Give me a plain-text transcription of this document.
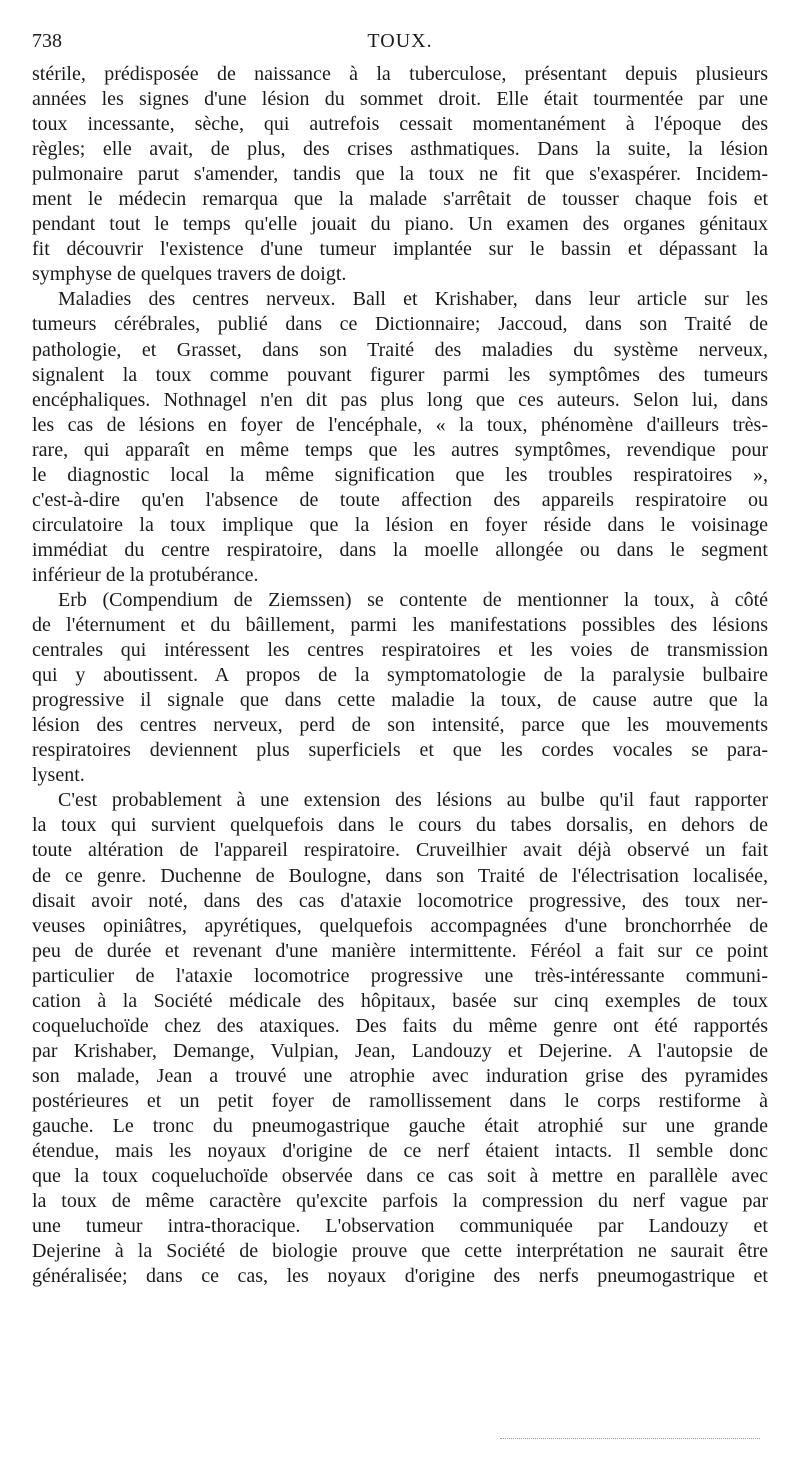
738	TOUX.
stérile, prédisposée de naissance à la tuberculose, présentant depuis plusieurs
années les signes d'une lésion du sommet droit. Elle était tourmentée par une
toux incessante, sèche, qui autrefois cessait momentanément à l'époque des
règles; elle avait, de plus, des crises asthmatiques. Dans la suite, la lésion
pulmonaire parut s'amender, tandis que la toux ne fit que s'exaspérer. Incidem-
ment le médecin remarqua que la malade s'arrêtait de tousser chaque fois et
pendant tout le temps qu'elle jouait du piano. Un examen des organes génitaux
fit découvrir l'existence d'une tumeur implantée sur le bassin et dépassant la
symphyse de quelques travers de doigt.
Maladies des centres nerveux. Ball et Krishaber, dans leur article sur les
tumeurs cérébrales, publié dans ce Dictionnaire; Jaccoud, dans son Traité de
pathologie, et Grasset, dans son Traité des maladies du système nerveux,
signalent la toux comme pouvant figurer parmi les symptômes des tumeurs
encéphaliques. Nothnagel n'en dit pas plus long que ces auteurs. Selon lui, dans
les cas de lésions en foyer de l'encéphale, « la toux, phénomène d'ailleurs très-
rare, qui apparaît en même temps que les autres symptômes, revendique pour
le diagnostic local la même signification que les troubles respiratoires »,
c'est-à-dire qu'en l'absence de toute affection des appareils respiratoire ou
circulatoire la toux implique que la lésion en foyer réside dans le voisinage
immédiat du centre respiratoire, dans la moelle allongée ou dans le segment
inférieur de la protubérance.
Erb (Compendium de Ziemssen) se contente de mentionner la toux, à côté
de l'éternument et du bâillement, parmi les manifestations possibles des lésions
centrales qui intéressent les centres respiratoires et les voies de transmission
qui y aboutissent. A propos de la symptomatologie de la paralysie bulbaire
progressive il signale que dans cette maladie la toux, de cause autre que la
lésion des centres nerveux, perd de son intensité, parce que les mouvements
respiratoires deviennent plus superficiels et que les cordes vocales se para-
lysent.
C'est probablement à une extension des lésions au bulbe qu'il faut rapporter
la toux qui survient quelquefois dans le cours du tabes dorsalis, en dehors de
toute altération de l'appareil respiratoire. Cruveilhier avait déjà observé un fait
de ce genre. Duchenne de Boulogne, dans son Traité de l'électrisation localisée,
disait avoir noté, dans des cas d'ataxie locomotrice progressive, des toux ner-
veuses opiniâtres, apyrétiques, quelquefois accompagnées d'une bronchorrhée de
peu de durée et revenant d'une manière intermittente. Féréol a fait sur ce point
particulier de l'ataxie locomotrice progressive une très-intéressante communi-
cation à la Société médicale des hôpitaux, basée sur cinq exemples de toux
coqueluchoïde chez des ataxiques. Des faits du même genre ont été rapportés
par Krishaber, Demange, Vulpian, Jean, Landouzy et Dejerine. A l'autopsie de
son malade, Jean a trouvé une atrophie avec induration grise des pyramides
postérieures et un petit foyer de ramollissement dans le corps restiforme à
gauche. Le tronc du pneumogastrique gauche était atrophié sur une grande
étendue, mais les noyaux d'origine de ce nerf étaient intacts. Il semble donc
que la toux coqueluchoïde observée dans ce cas soit à mettre en parallèle avec
la toux de même caractère qu'excite parfois la compression du nerf vague par
une tumeur intra-thoracique. L'observation communiquée par Landouzy et
Dejerine à la Société de biologie prouve que cette interprétation ne saurait être
généralisée; dans ce cas, les noyaux d'origine des nerfs pneumogastrique et
